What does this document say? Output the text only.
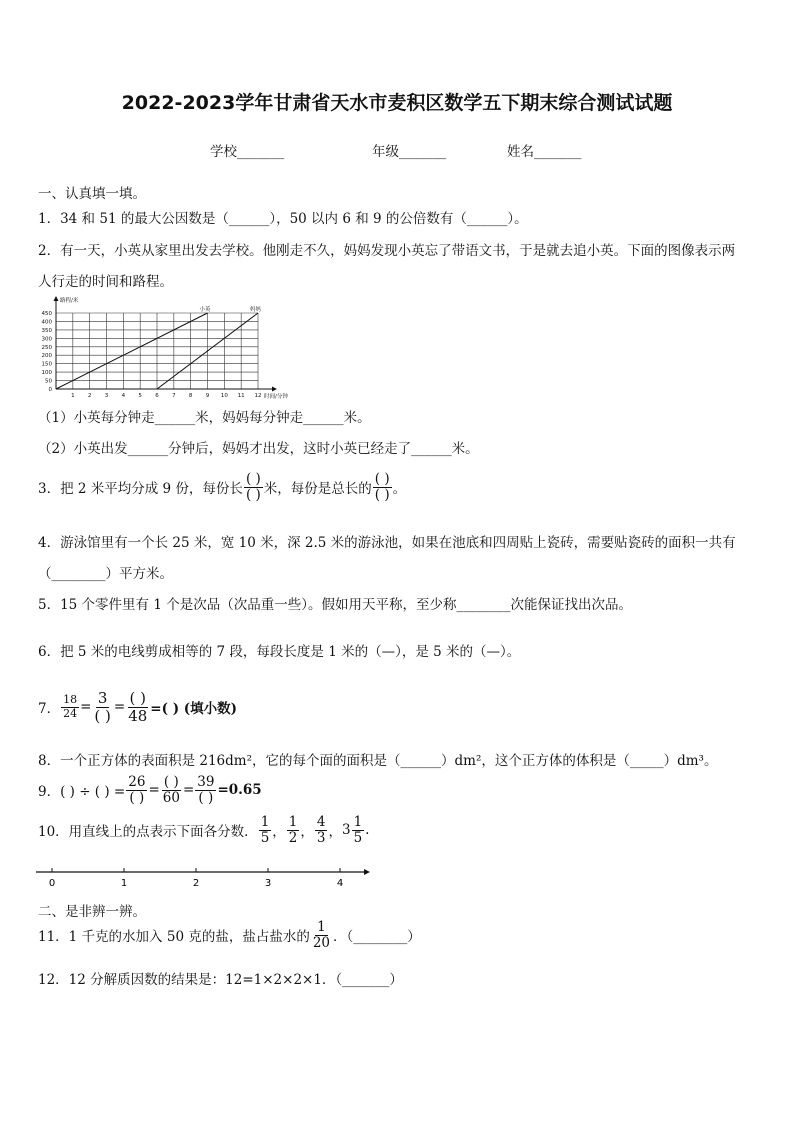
2022-2023学年甘肃省天水市麦积区数学五下期末综合测试试题
学校_______	年级_______	姓名_______
一、认真填一填。
1．34 和 51 的最大公因数是（______），50 以内 6 和 9 的公倍数有（______）。
2．有一天，小英从家里出发去学校。他刚走不久，妈妈发现小英忘了带语文书，于是就去追小英。下面的图像表示两
人行走的时间和路程。
0
50
100
150
200
250
300
350
400
450
1 2 3 4 5 6 7 8 9 10 11 12
路程/米
时间/分钟
小英	妈妈
（1）小英每分钟走______米，妈妈每分钟走______米。
（2）小英出发______分钟后，妈妈才出发，这时小英已经走了______米。
3．把 2 米平均分成 9 份，每份长 $\frac{( )}{( )}$ 米，每份是总长的 $\frac{( )}{( )}$ 。
4．游泳馆里有一个长 25 米，宽 10 米，深 2.5 米的游泳池，如果在池底和四周贴上瓷砖，需要贴瓷砖的面积一共有
（________）平方米。
5．15 个零件里有 1 个是次品（次品重一些）。假如用天平称，至少称________次能保证找出次品。
6．把 5 米的电线剪成相等的 7 段，每段长度是 1 米的（—），是 5 米的（—）。
7． $\frac{18}{24} = \frac{3}{( )} = \frac{( )}{48}$ =( ) (填小数)
8．一个正方体的表面积是 216dm²，它的每个面的面积是（______）dm²，这个正方体的体积是（_____）dm³。
9．( ) ÷ ( ) = $\frac{26}{( )} = \frac{( )}{60} = \frac{39}{( )} =0.65$
10．用直线上的点表示下面各分数． $\frac{1}{5}$ ， $\frac{1}{2}$ ， $\frac{4}{3}$ ， $3 \frac{1}{5}$ .
0	1	2	3	4
二、是非辨一辨。
11．1 千克的水加入 50 克的盐，盐占盐水的 $\frac{1}{20}$ ．（________）
12．12 分解质因数的结果是：12=1×2×2×1．（_______）
